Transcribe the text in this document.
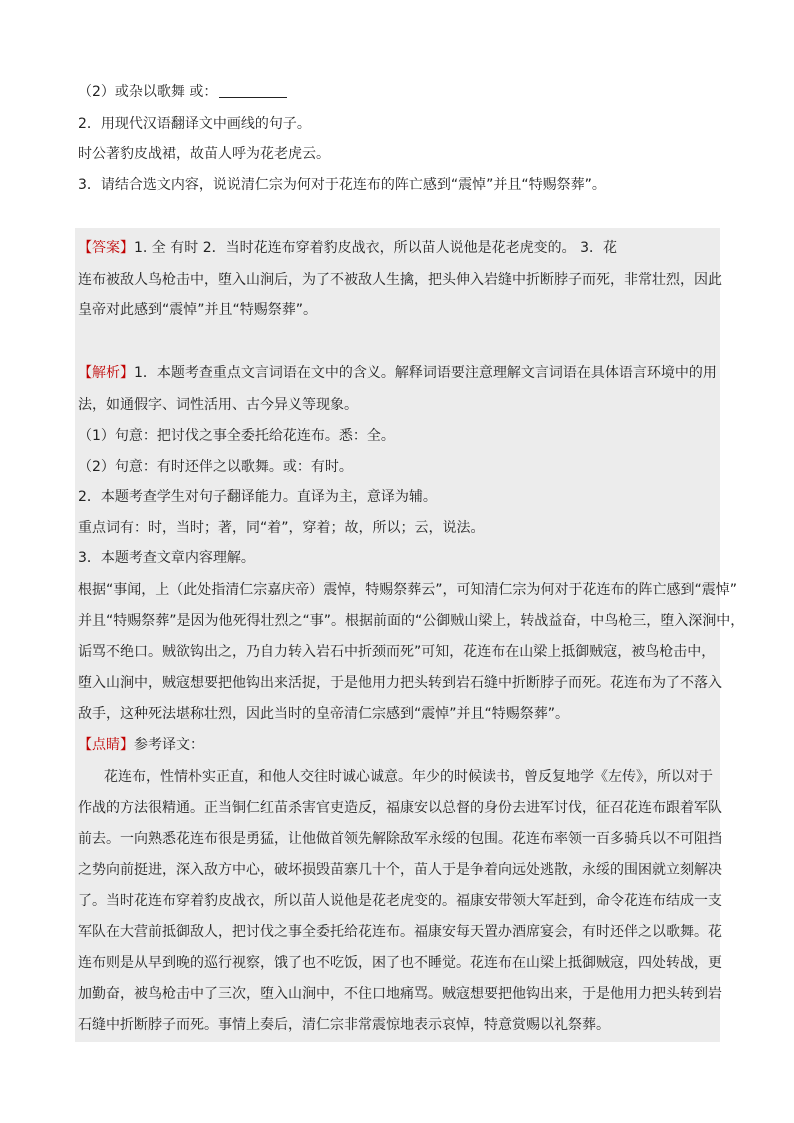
（2）或杂以歌舞 或：
2．用现代汉语翻译文中画线的句子。
时公著豹皮战裙，故苗人呼为花老虎云。
3．请结合选文内容，说说清仁宗为何对于花连布的阵亡感到“震悼”并且“特赐祭葬”。
【答案】1. 全 有时 2．当时花连布穿着豹皮战衣，所以苗人说他是花老虎变的。 3．花
连布被敌人鸟枪击中，堕入山涧后，为了不被敌人生擒，把头伸入岩缝中折断脖子而死，非常壮烈，因此
皇帝对此感到“震悼”并且“特赐祭葬”。
【解析】1．本题考查重点文言词语在文中的含义。解释词语要注意理解文言词语在具体语言环境中的用
法，如通假字、词性活用、古今异义等现象。
（1）句意：把讨伐之事全委托给花连布。悉：全。
（2）句意：有时还伴之以歌舞。或：有时。
2．本题考查学生对句子翻译能力。直译为主，意译为辅。
重点词有：时，当时；著，同“着”，穿着；故，所以；云，说法。
3．本题考查文章内容理解。
根据“事闻，上（此处指清仁宗嘉庆帝）震悼，特赐祭葬云”，可知清仁宗为何对于花连布的阵亡感到“震悼”
并且“特赐祭葬”是因为他死得壮烈之“事”。根据前面的“公御贼山梁上，转战益奋，中鸟枪三，堕入深涧中，
诟骂不绝口。贼欲钩出之，乃自力转入岩石中折颈而死”可知，花连布在山梁上抵御贼寇，被鸟枪击中，
堕入山涧中，贼寇想要把他钩出来活捉，于是他用力把头转到岩石缝中折断脖子而死。花连布为了不落入
敌手，这种死法堪称壮烈，因此当时的皇帝清仁宗感到“震悼”并且“特赐祭葬”。
【点睛】参考译文：
花连布，性情朴实正直，和他人交往时诚心诚意。年少的时候读书，曾反复地学《左传》，所以对于
作战的方法很精通。正当铜仁红苗杀害官吏造反，福康安以总督的身份去进军讨伐，征召花连布跟着军队
前去。一向熟悉花连布很是勇猛，让他做首领先解除敌军永绥的包围。花连布率领一百多骑兵以不可阻挡
之势向前挺进，深入敌方中心，破坏损毁苗寨几十个，苗人于是争着向远处逃散，永绥的围困就立刻解决
了。当时花连布穿着豹皮战衣，所以苗人说他是花老虎变的。福康安带领大军赶到，命令花连布结成一支
军队在大营前抵御敌人，把讨伐之事全委托给花连布。福康安每天置办酒席宴会，有时还伴之以歌舞。花
连布则是从早到晚的巡行视察，饿了也不吃饭，困了也不睡觉。花连布在山梁上抵御贼寇，四处转战，更
加勤奋，被鸟枪击中了三次，堕入山涧中，不住口地痛骂。贼寇想要把他钩出来，于是他用力把头转到岩
石缝中折断脖子而死。事情上奏后，清仁宗非常震惊地表示哀悼，特意赏赐以礼祭葬。
